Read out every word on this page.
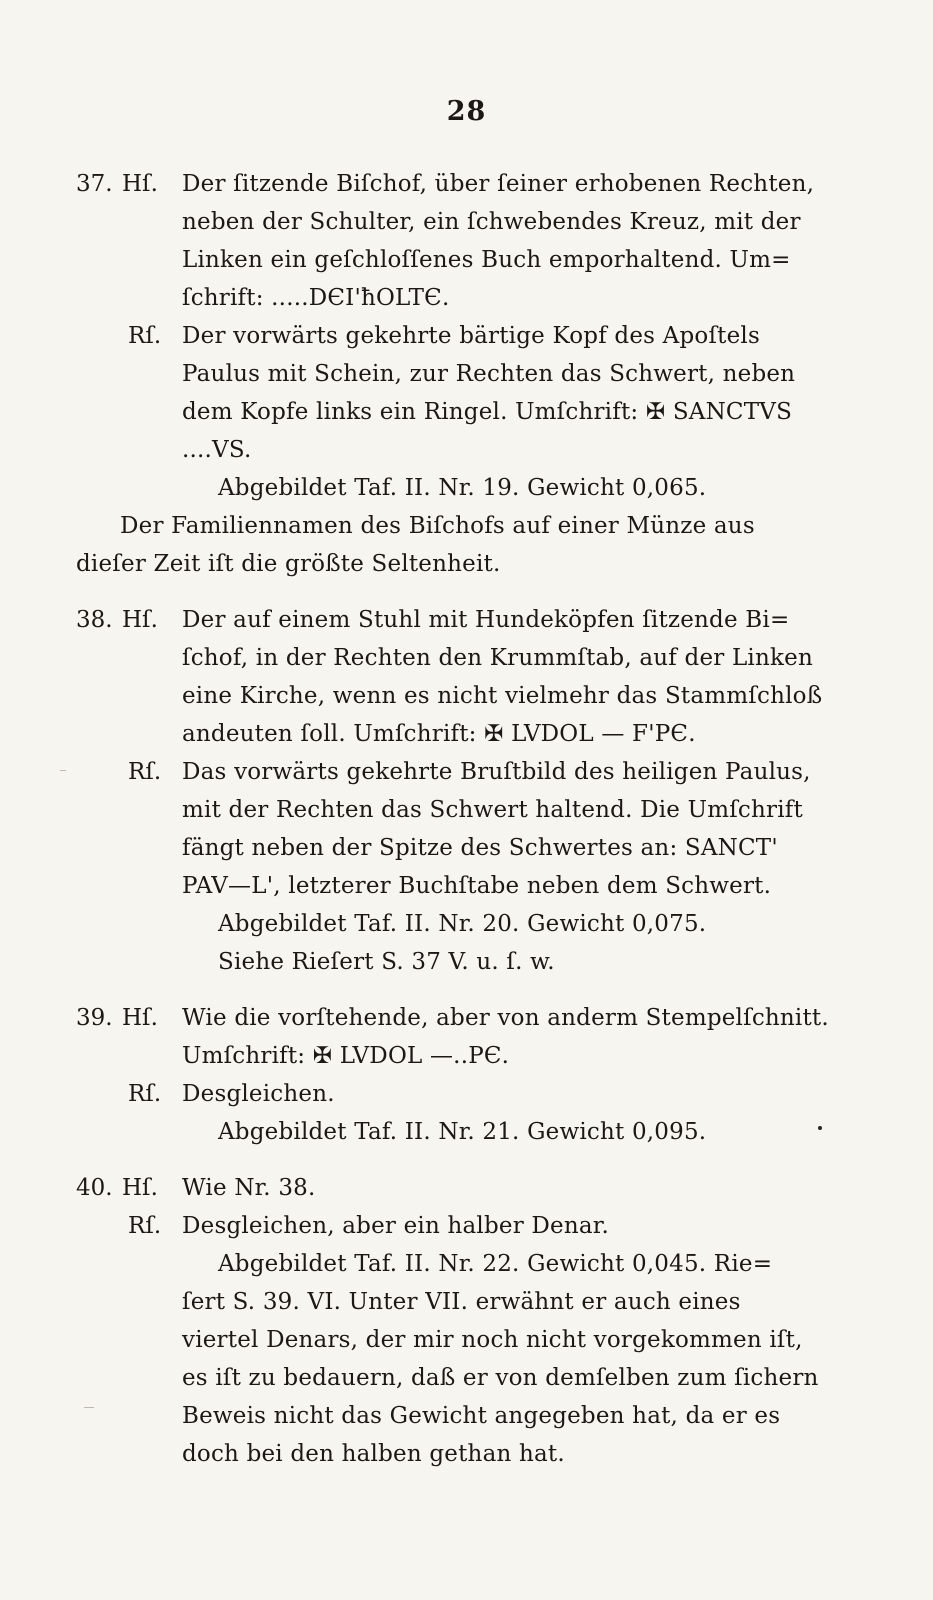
28
37. Hſ. Der ſitzende Biſchof, über ſeiner erhobenen Rechten,
neben der Schulter, ein ſchwebendes Kreuz, mit der
Linken ein geſchloſſenes Buch emporhaltend. Um=
ſchrift: .....DЄI'ħOLTЄ.
Rſ. Der vorwärts gekehrte bärtige Kopf des Apoſtels
Paulus mit Schein, zur Rechten das Schwert, neben
dem Kopfe links ein Ringel. Umſchrift: ✠ SANCTVS
....VS.
Abgebildet Taf. II. Nr. 19. Gewicht 0,065.
Der Familiennamen des Biſchofs auf einer Münze aus
dieſer Zeit iſt die größte Seltenheit.
38. Hſ. Der auf einem Stuhl mit Hundeköpfen ſitzende Bi=
ſchof, in der Rechten den Krummſtab, auf der Linken
eine Kirche, wenn es nicht vielmehr das Stammſchloß
andeuten ſoll. Umſchrift: ✠ LVDOL — F'PЄ.
Rſ. Das vorwärts gekehrte Bruſtbild des heiligen Paulus,
mit der Rechten das Schwert haltend. Die Umſchrift
fängt neben der Spitze des Schwertes an: SANCT'
PAV—L', letzterer Buchſtabe neben dem Schwert.
Abgebildet Taf. II. Nr. 20. Gewicht 0,075.
Siehe Rieſert S. 37 V. u. ſ. w.
39. Hſ. Wie die vorſtehende, aber von anderm Stempelſchnitt.
Umſchrift: ✠ LVDOL —..PЄ.
Rſ. Desgleichen.
Abgebildet Taf. II. Nr. 21. Gewicht 0,095.
40. Hſ. Wie Nr. 38.
Rſ. Desgleichen, aber ein halber Denar.
Abgebildet Taf. II. Nr. 22. Gewicht 0,045. Rie=
ſert S. 39. VI. Unter VII. erwähnt er auch eines
viertel Denars, der mir noch nicht vorgekommen iſt,
es iſt zu bedauern, daß er von demſelben zum ſichern
Beweis nicht das Gewicht angegeben hat, da er es
doch bei den halben gethan hat.
